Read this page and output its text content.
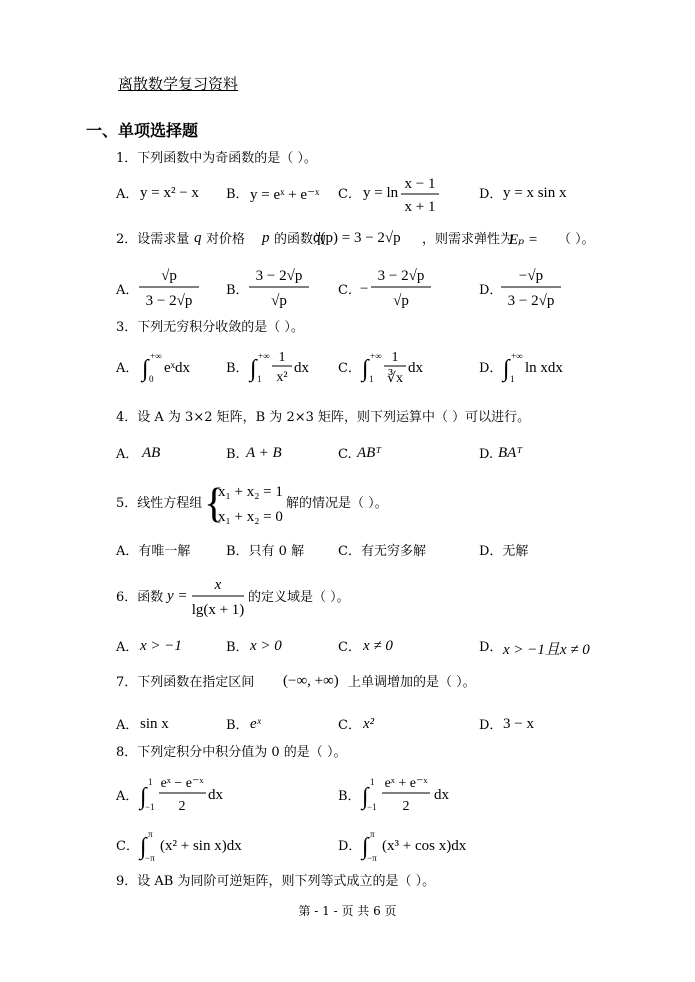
离散数学复习资料
一、单项选择题
1．下列函数中为奇函数的是（ ）。
A． y = x² − x B． y = eˣ + e⁻ˣ C． y = ln
x − 1
x + 1
D． y = x sin x
2．设需求量 q 对价格 p 的函数为
q(p) = 3 − 2√p ，则需求弹性为
Eₚ = （ ）。
A．
√p
3 − 2√p
B．
3 − 2√p
√p
C． −
3 − 2√p
√p
D．
−√p
3 − 2√p
3．下列无穷积分收敛的是（ ）。
A． ∫ +∞
0
eˣdx	B． ∫ +∞
1
1
x²
dx C． ∫ +∞
1
1
∛x
dx	D． ∫ +∞
1
ln xdx
4．设 A 为 3×2 矩阵，B 为 2×3 矩阵，则下列运算中（ ）可以进行。
A． AB	B. A + B	C. ABᵀ	D. BAᵀ
5．线性方程组 {
x₁ + x₂ = 1
x₁ + x₂ = 0
解的情况是（ ）。
A．有唯一解	B．只有 0 解	C．有无穷多解	D．无解
6．函数 y =
x
lg(x + 1)
的定义域是（ ）。
A． x > −1	B． x > 0	C． x ≠ 0	D． x > −1且x ≠ 0
7．下列函数在指定区间 (−∞, +∞) 上单调增加的是（ ）。
A． sin x	B． eˣ	C． x²	D． 3 − x
8．下列定积分中积分值为 0 的是（ ）。
A． ∫
1
−1
eˣ − e⁻ˣ
2
dx	B． ∫
1
−1
eˣ + e⁻ˣ
2
dx
C． ∫ π
−π
(x² + sin x)dx	D． ∫ π
−π
(x³ + cos x)dx
9．设 AB 为同阶可逆矩阵，则下列等式成立的是（ ）。
第 - 1 - 页 共 6 页
